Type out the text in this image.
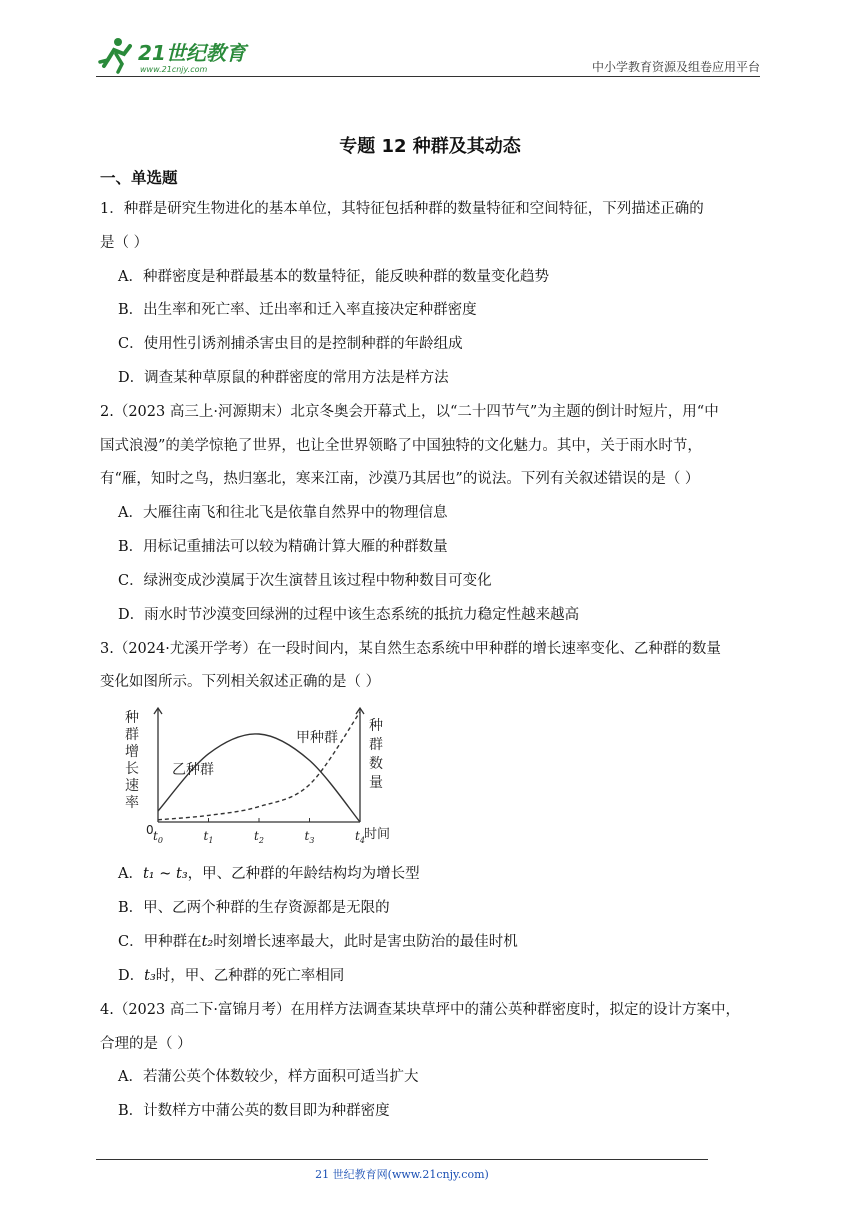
21世纪教育
www.21cnjy.com	中小学教育资源及组卷应用平台
专题 12 种群及其动态
一、单选题
1．种群是研究生物进化的基本单位，其特征包括种群的数量特征和空间特征，下列描述正确的
是（ ）
A．种群密度是种群最基本的数量特征，能反映种群的数量变化趋势
B．出生率和死亡率、迁出率和迁入率直接决定种群密度
C．使用性引诱剂捕杀害虫目的是控制种群的年龄组成
D．调查某种草原鼠的种群密度的常用方法是样方法
2.（2023 高三上·河源期末）北京冬奥会开幕式上，以“二十四节气”为主题的倒计时短片，用“中
国式浪漫”的美学惊艳了世界，也让全世界领略了中国独特的文化魅力。其中，关于雨水时节，
有“雁，知时之鸟，热归塞北，寒来江南，沙漠乃其居也”的说法。下列有关叙述错误的是（ ）
A．大雁往南飞和往北飞是依靠自然界中的物理信息
B．用标记重捕法可以较为精确计算大雁的种群数量
C．绿洲变成沙漠属于次生演替且该过程中物种数目可变化
D．雨水时节沙漠变回绿洲的过程中该生态系统的抵抗力稳定性越来越高
3.（2024·尤溪开学考）在一段时间内，某自然生态系统中甲种群的增长速率变化、乙种群的数量
变化如图所示。下列相关叙述正确的是（ ）
种
群
增
长
速
率
种
群
数
量
时间
0 $t_0$	$t_1$	$t_2$	$t_3$	$t_4$
乙种群
甲种群
A．t₁ ~ t₃，甲、乙种群的年龄结构均为增长型
B．甲、乙两个种群的生存资源都是无限的
C．甲种群在t₂时刻增长速率最大，此时是害虫防治的最佳时机
D．t₃时，甲、乙种群的死亡率相同
4.（2023 高二下·富锦月考）在用样方法调查某块草坪中的蒲公英种群密度时，拟定的设计方案中，
合理的是（ ）
A．若蒲公英个体数较少，样方面积可适当扩大
B．计数样方中蒲公英的数目即为种群密度
21 世纪教育网(www.21cnjy.com)
